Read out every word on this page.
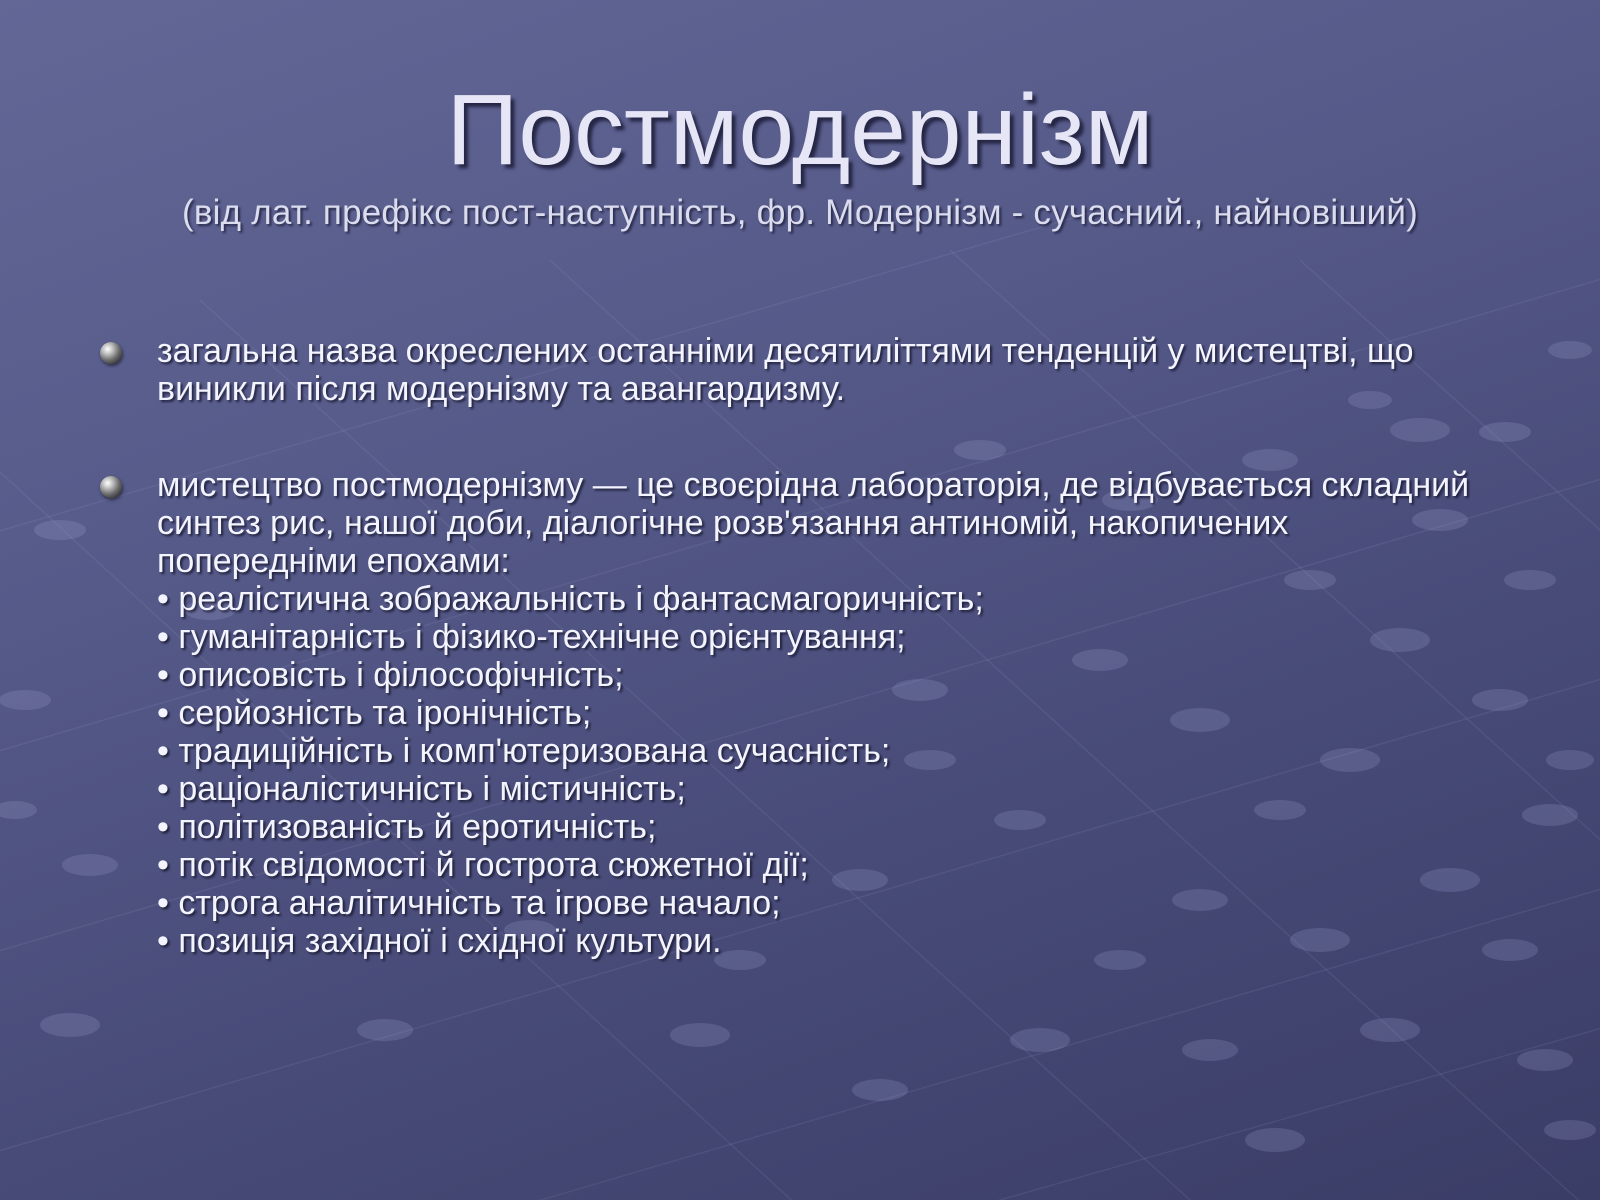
Постмодернізм
(від лат. префікс пост-наступність, фр. Модернізм - сучасний., найновіший)
загальна назва окреслених останніми десятиліттями тенденцій у мистецтві, що виникли після модернізму та авангардизму.
мистецтво постмодернізму — це своєрідна лабораторія, де відбувається складний синтез рис, нашої доби, діалогічне розв'язання антиномій, накопичених попередніми епохами:
• реалістична зображальність і фантасмагоричність;
• гуманітарність і фізико-технічне орієнтування;
• описовість і філософічність;
• серйозність та іронічність;
• традиційність і комп'ютеризована сучасність;
• раціоналістичність і містичність;
• політизованість й еротичність;
• потік свідомості й гострота сюжетної дії;
• строга аналітичність та ігрове начало;
• позиція західної і східної культури.
